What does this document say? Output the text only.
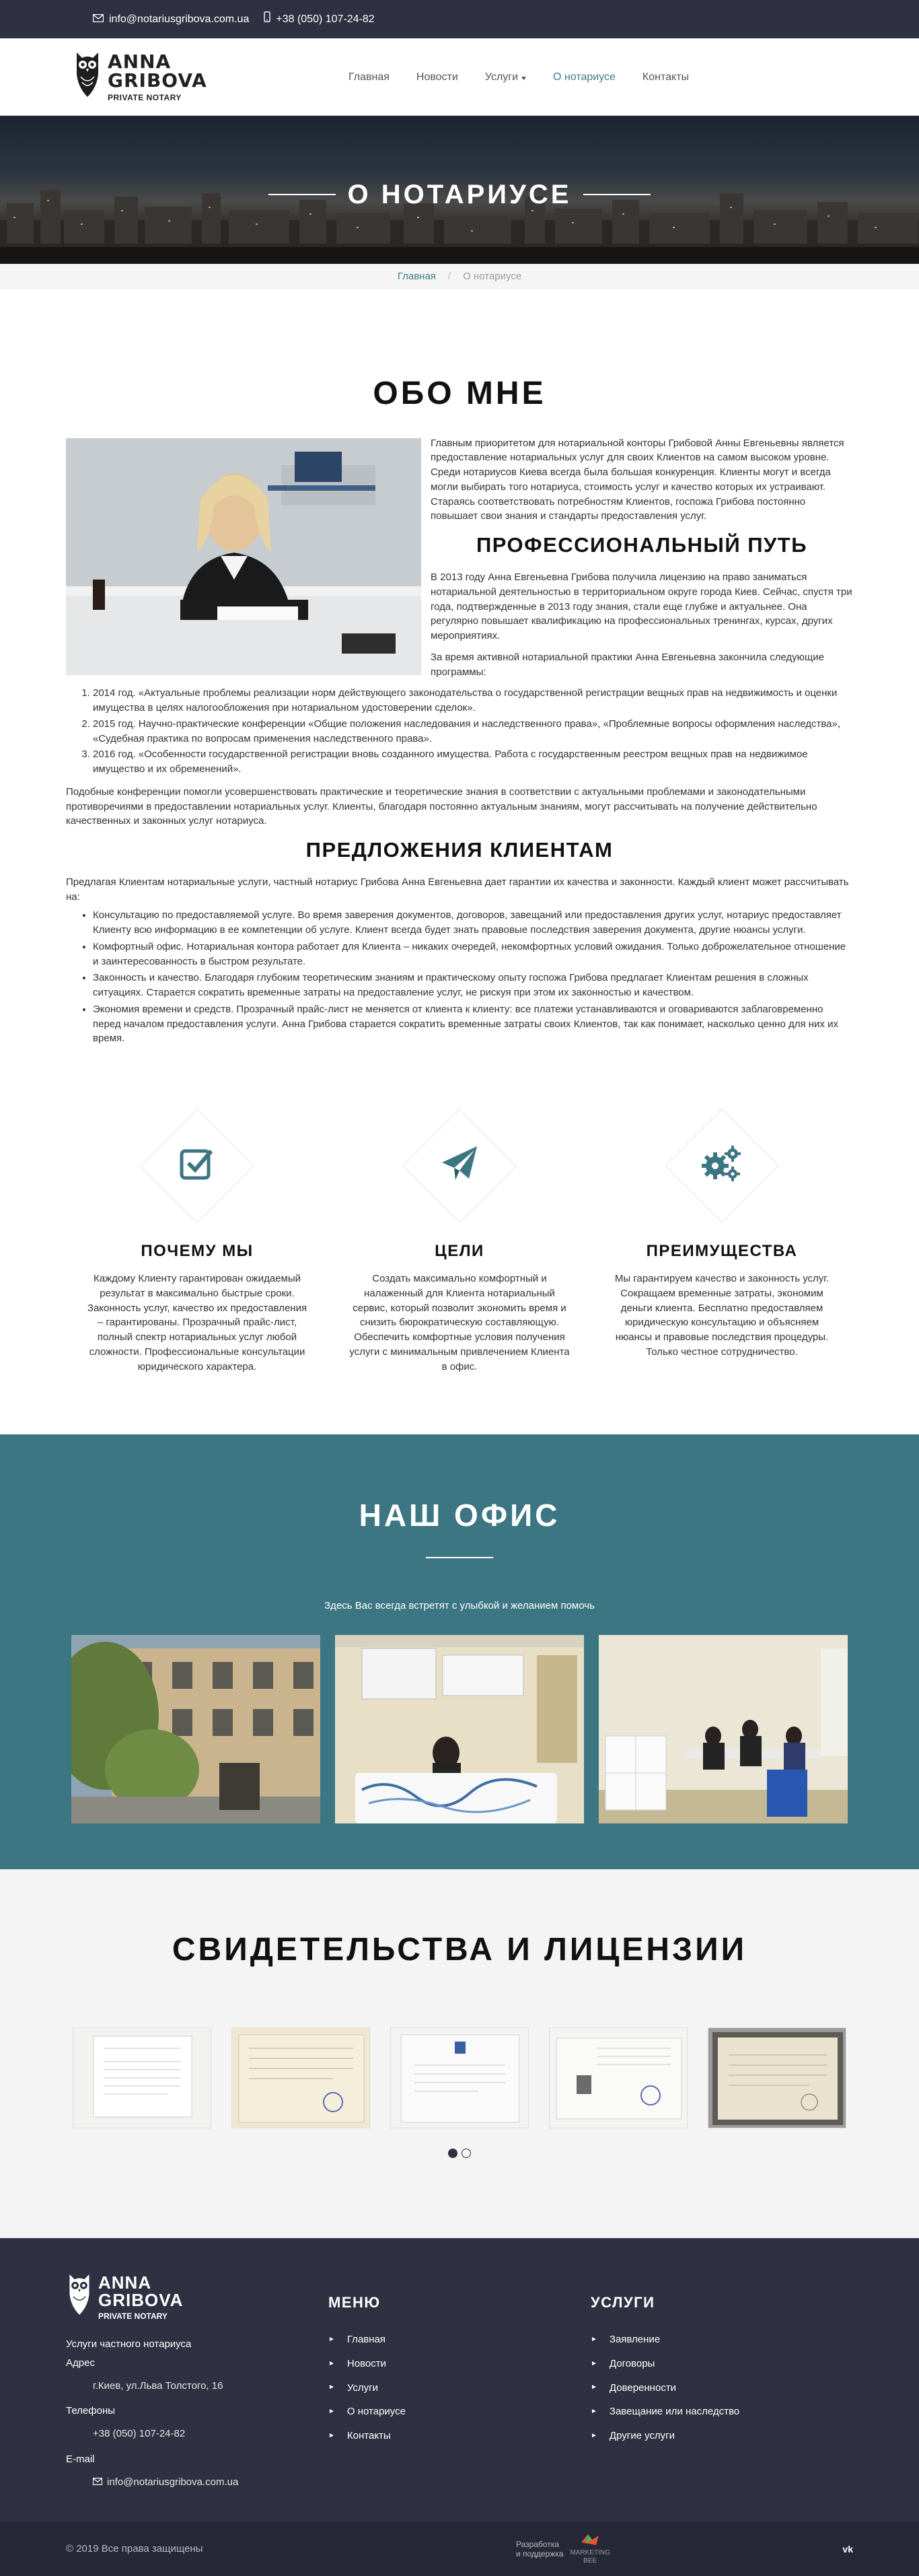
info@notariusgribova.com.ua	+38 (050) 107-24-82
ANNA
GRIBOVA
PRIVATE NOTARY
Главная	Новости	Услуги	О нотариусе	Контакты
О НОТАРИУСЕ
Главная / О нотариусе
ОБО МНЕ

Главным приоритетом для нотариальной конторы Грибовой Анны Евгеньевны является предоставление нотариальных услуг для своих Клиентов на самом высоком уровне. Среди нотариусов Киева всегда была большая конкуренция. Клиенты могут и всегда могли выбирать того нотариуса, стоимость услуг и качество которых их устраивают. Стараясь соответствовать потребностям Клиентов, госпожа Грибова постоянно повышает свои знания и стандарты предоставления услуг.

ПРОФЕССИОНАЛЬНЫЙ ПУТЬ

В 2013 году Анна Евгеньевна Грибова получила лицензию на право заниматься нотариальной деятельностью в территориальном округе города Киев. Сейчас, спустя три года, подтвержденные в 2013 году знания, стали еще глубже и актуальнее. Она регулярно повышает квалификацию на профессиональных тренингах, курсах, других мероприятиях.

За время активной нотариальной практики Анна Евгеньевна закончила следующие программы:

1. 2014 год. «Актуальные проблемы реализации норм действующего законодательства о государственной регистрации вещных прав на недвижимость и оценки имущества в целях налогообложения при нотариальном удостоверении сделок».
2. 2015 год. Научно-практические конференции «Общие положения наследования и наследственного права», «Проблемные вопросы оформления наследства», «Судебная практика по вопросам применения наследственного права».
3. 2016 год. «Особенности государственной регистрации вновь созданного имущества. Работа с государственным реестром вещных прав на недвижимое имущество и их обременений».

Подобные конференции помогли усовершенствовать практические и теоретические знания в соответствии с актуальными проблемами и законодательными противоречиями в предоставлении нотариальных услуг. Клиенты, благодаря постоянно актуальным знаниям, могут рассчитывать на получение действительно качественных и законных услуг нотариуса.

ПРЕДЛОЖЕНИЯ КЛИЕНТАМ

Предлагая Клиентам нотариальные услуги, частный нотариус Грибова Анна Евгеньевна дает гарантии их качества и законности. Каждый клиент может рассчитывать на:

• Консультацию по предоставляемой услуге. Во время заверения документов, договоров, завещаний или предоставления других услуг, нотариус предоставляет Клиенту всю информацию в ее компетенции об услуге. Клиент всегда будет знать правовые последствия заверения документа, другие нюансы услуги.
• Комфортный офис. Нотариальная контора работает для Клиента – никаких очередей, некомфортных условий ожидания. Только доброжелательное отношение и заинтересованность в быстром результате.
• Законность и качество. Благодаря глубоким теоретическим знаниям и практическому опыту госпожа Грибова предлагает Клиентам решения в сложных ситуациях. Старается сократить временные затраты на предоставление услуг, не рискуя при этом их законностью и качеством.
• Экономия времени и средств. Прозрачный прайс-лист не меняется от клиента к клиенту: все платежи устанавливаются и оговариваются заблаговременно перед началом предоставления услуги. Анна Грибова старается сократить временные затраты своих Клиентов, так как понимает, насколько ценно для них их время.
ПОЧЕМУ МЫ

Каждому Клиенту гарантирован ожидаемый результат в максимально быстрые сроки. Законность услуг, качество их предоставления – гарантированы. Прозрачный прайс-лист, полный спектр нотариальных услуг любой сложности. Профессиональные консультации юридического характера.

ЦЕЛИ

Создать максимально комфортный и налаженный для Клиента нотариальный сервис, который позволит экономить время и снизить бюрократическую составляющую. Обеспечить комфортные условия получения услуги с минимальным привлечением Клиента в офис.

ПРЕИМУЩЕСТВА

Мы гарантируем качество и законность услуг. Сокращаем временные затраты, экономим деньги клиента. Бесплатно предоставляем юридическую консультацию и объясняем нюансы и правовые последствия процедуры. Только честное сотрудничество.

НАШ ОФИС

Здесь Вас всегда встретят с улыбкой и желанием помочь

СВИДЕТЕЛЬСТВА И ЛИЦЕНЗИИ
ANNA
GRIBOVA
PRIVATE NOTARY
Услуги частного нотариуса
Адрес
г.Киев, ул.Льва Толстого, 16
Телефоны
+38 (050) 107-24-82
E-mail
info@notariusgribova.com.ua
МЕНЮ
► Главная
► Новости
► Услуги
► О нотариусе
► Контакты
УСЛУГИ
► Заявление
► Договоры
► Доверенности
► Завещание или наследство
► Другие услуги
© 2019 Все права защищены	Разработка
и поддержка MARKETING
BEE
vk
